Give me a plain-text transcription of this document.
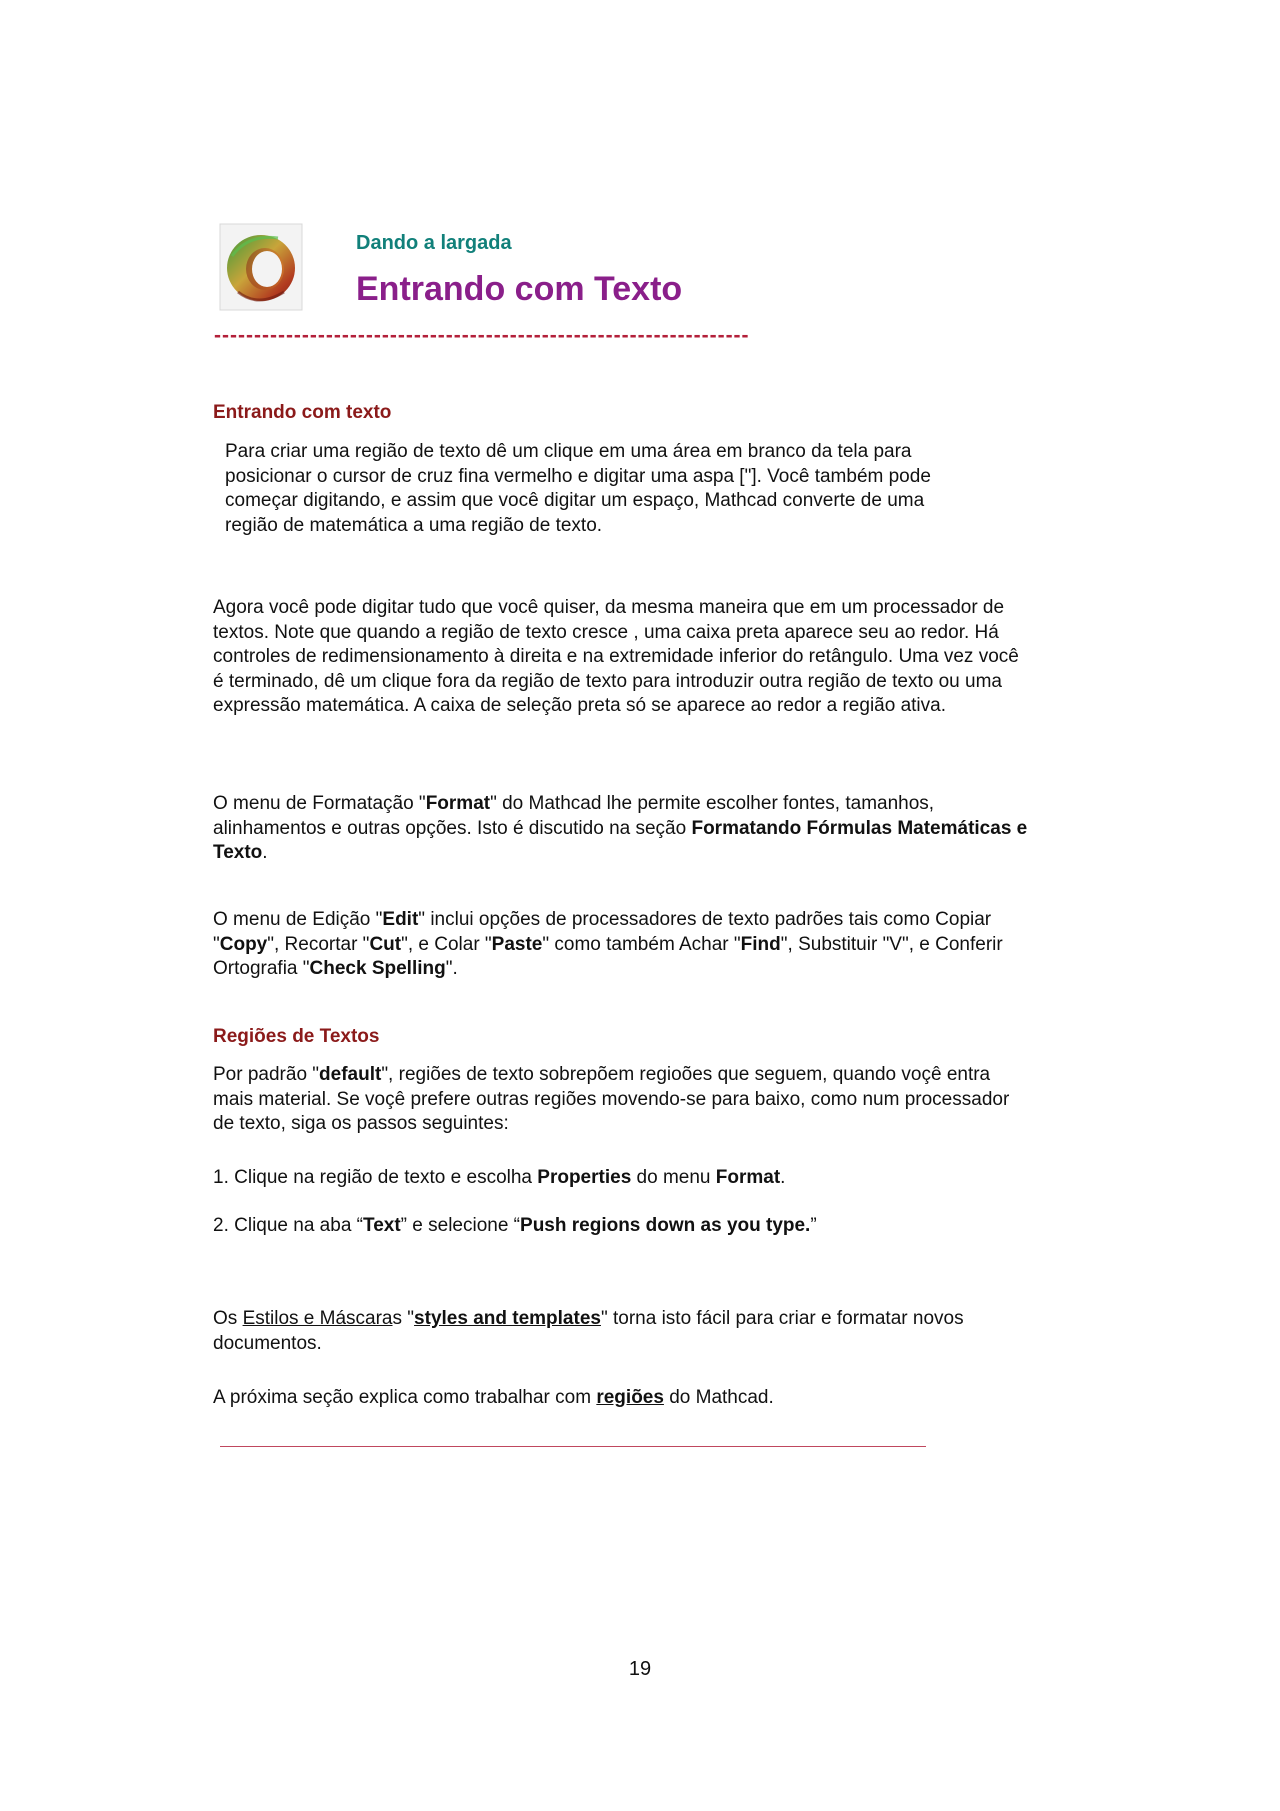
Dando a largada
Entrando com Texto
-------------------------------------------------------------------
Entrando com texto

Para criar uma região de texto dê um clique em uma área em branco da tela para posicionar o cursor de cruz fina vermelho e digitar uma aspa ["]. Você também pode começar digitando, e assim que você digitar um espaço, Mathcad converte de uma região de matemática a uma região de texto.

Agora você pode digitar tudo que você quiser, da mesma maneira que em um processador de textos. Note que quando a região de texto cresce , uma caixa preta aparece seu ao redor. Há controles de redimensionamento à direita e na extremidade inferior do retângulo. Uma vez você é terminado, dê um clique fora da região de texto para introduzir outra região de texto ou uma expressão matemática. A caixa de seleção preta só se aparece ao redor a região ativa.

O menu de Formatação "Format" do Mathcad lhe permite escolher fontes, tamanhos, alinhamentos e outras opções. Isto é discutido na seção Formatando Fórmulas Matemáticas e Texto.

O menu de Edição "Edit" inclui opções de processadores de texto padrões tais como Copiar "Copy", Recortar "Cut", e Colar "Paste" como também Achar "Find", Substituir "V", e Conferir Ortografia "Check Spelling".

Regiões de Textos

Por padrão "default", regiões de texto sobrepõem regioões que seguem, quando voçê entra mais material. Se voçê prefere outras regiões movendo-se para baixo, como num processador de texto, siga os passos seguintes:

1. Clique na região de texto e escolha Properties do menu Format.

2. Clique na aba “Text” e selecione “Push regions down as you type.”

Os Estilos e Máscaras "styles and templates" torna isto fácil para criar e formatar novos documentos.

A próxima seção explica como trabalhar com regiões do Mathcad.

19
